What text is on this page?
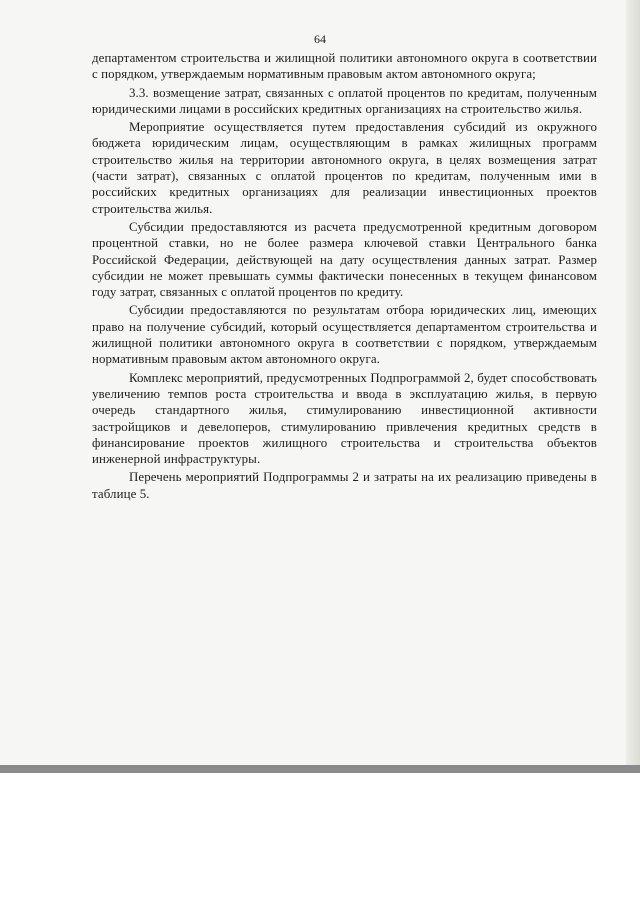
64

департаментом строительства и жилищной политики автономного округа в соответствии с порядком, утверждаемым нормативным правовым актом автономного округа;

3.3. возмещение затрат, связанных с оплатой процентов по кредитам, полученным юридическими лицами в российских кредитных организациях на строительство жилья.

Мероприятие осуществляется путем предоставления субсидий из окружного бюджета юридическим лицам, осуществляющим в рамках жилищных программ строительство жилья на территории автономного округа, в целях возмещения затрат (части затрат), связанных с оплатой процентов по кредитам, полученным ими в российских кредитных организациях для реализации инвестиционных проектов строительства жилья.

Субсидии предоставляются из расчета предусмотренной кредитным договором процентной ставки, но не более размера ключевой ставки Центрального банка Российской Федерации, действующей на дату осуществления данных затрат. Размер субсидии не может превышать суммы фактически понесенных в текущем финансовом году затрат, связанных с оплатой процентов по кредиту.

Субсидии предоставляются по результатам отбора юридических лиц, имеющих право на получение субсидий, который осуществляется департаментом строительства и жилищной политики автономного округа в соответствии с порядком, утверждаемым нормативным правовым актом автономного округа.

Комплекс мероприятий, предусмотренных Подпрограммой 2, будет способствовать увеличению темпов роста строительства и ввода в эксплуатацию жилья, в первую очередь стандартного жилья, стимулированию инвестиционной активности застройщиков и девелоперов, стимулированию привлечения кредитных средств в финансирование проектов жилищного строительства и строительства объектов инженерной инфраструктуры.

Перечень мероприятий Подпрограммы 2 и затраты на их реализацию приведены в таблице 5.
